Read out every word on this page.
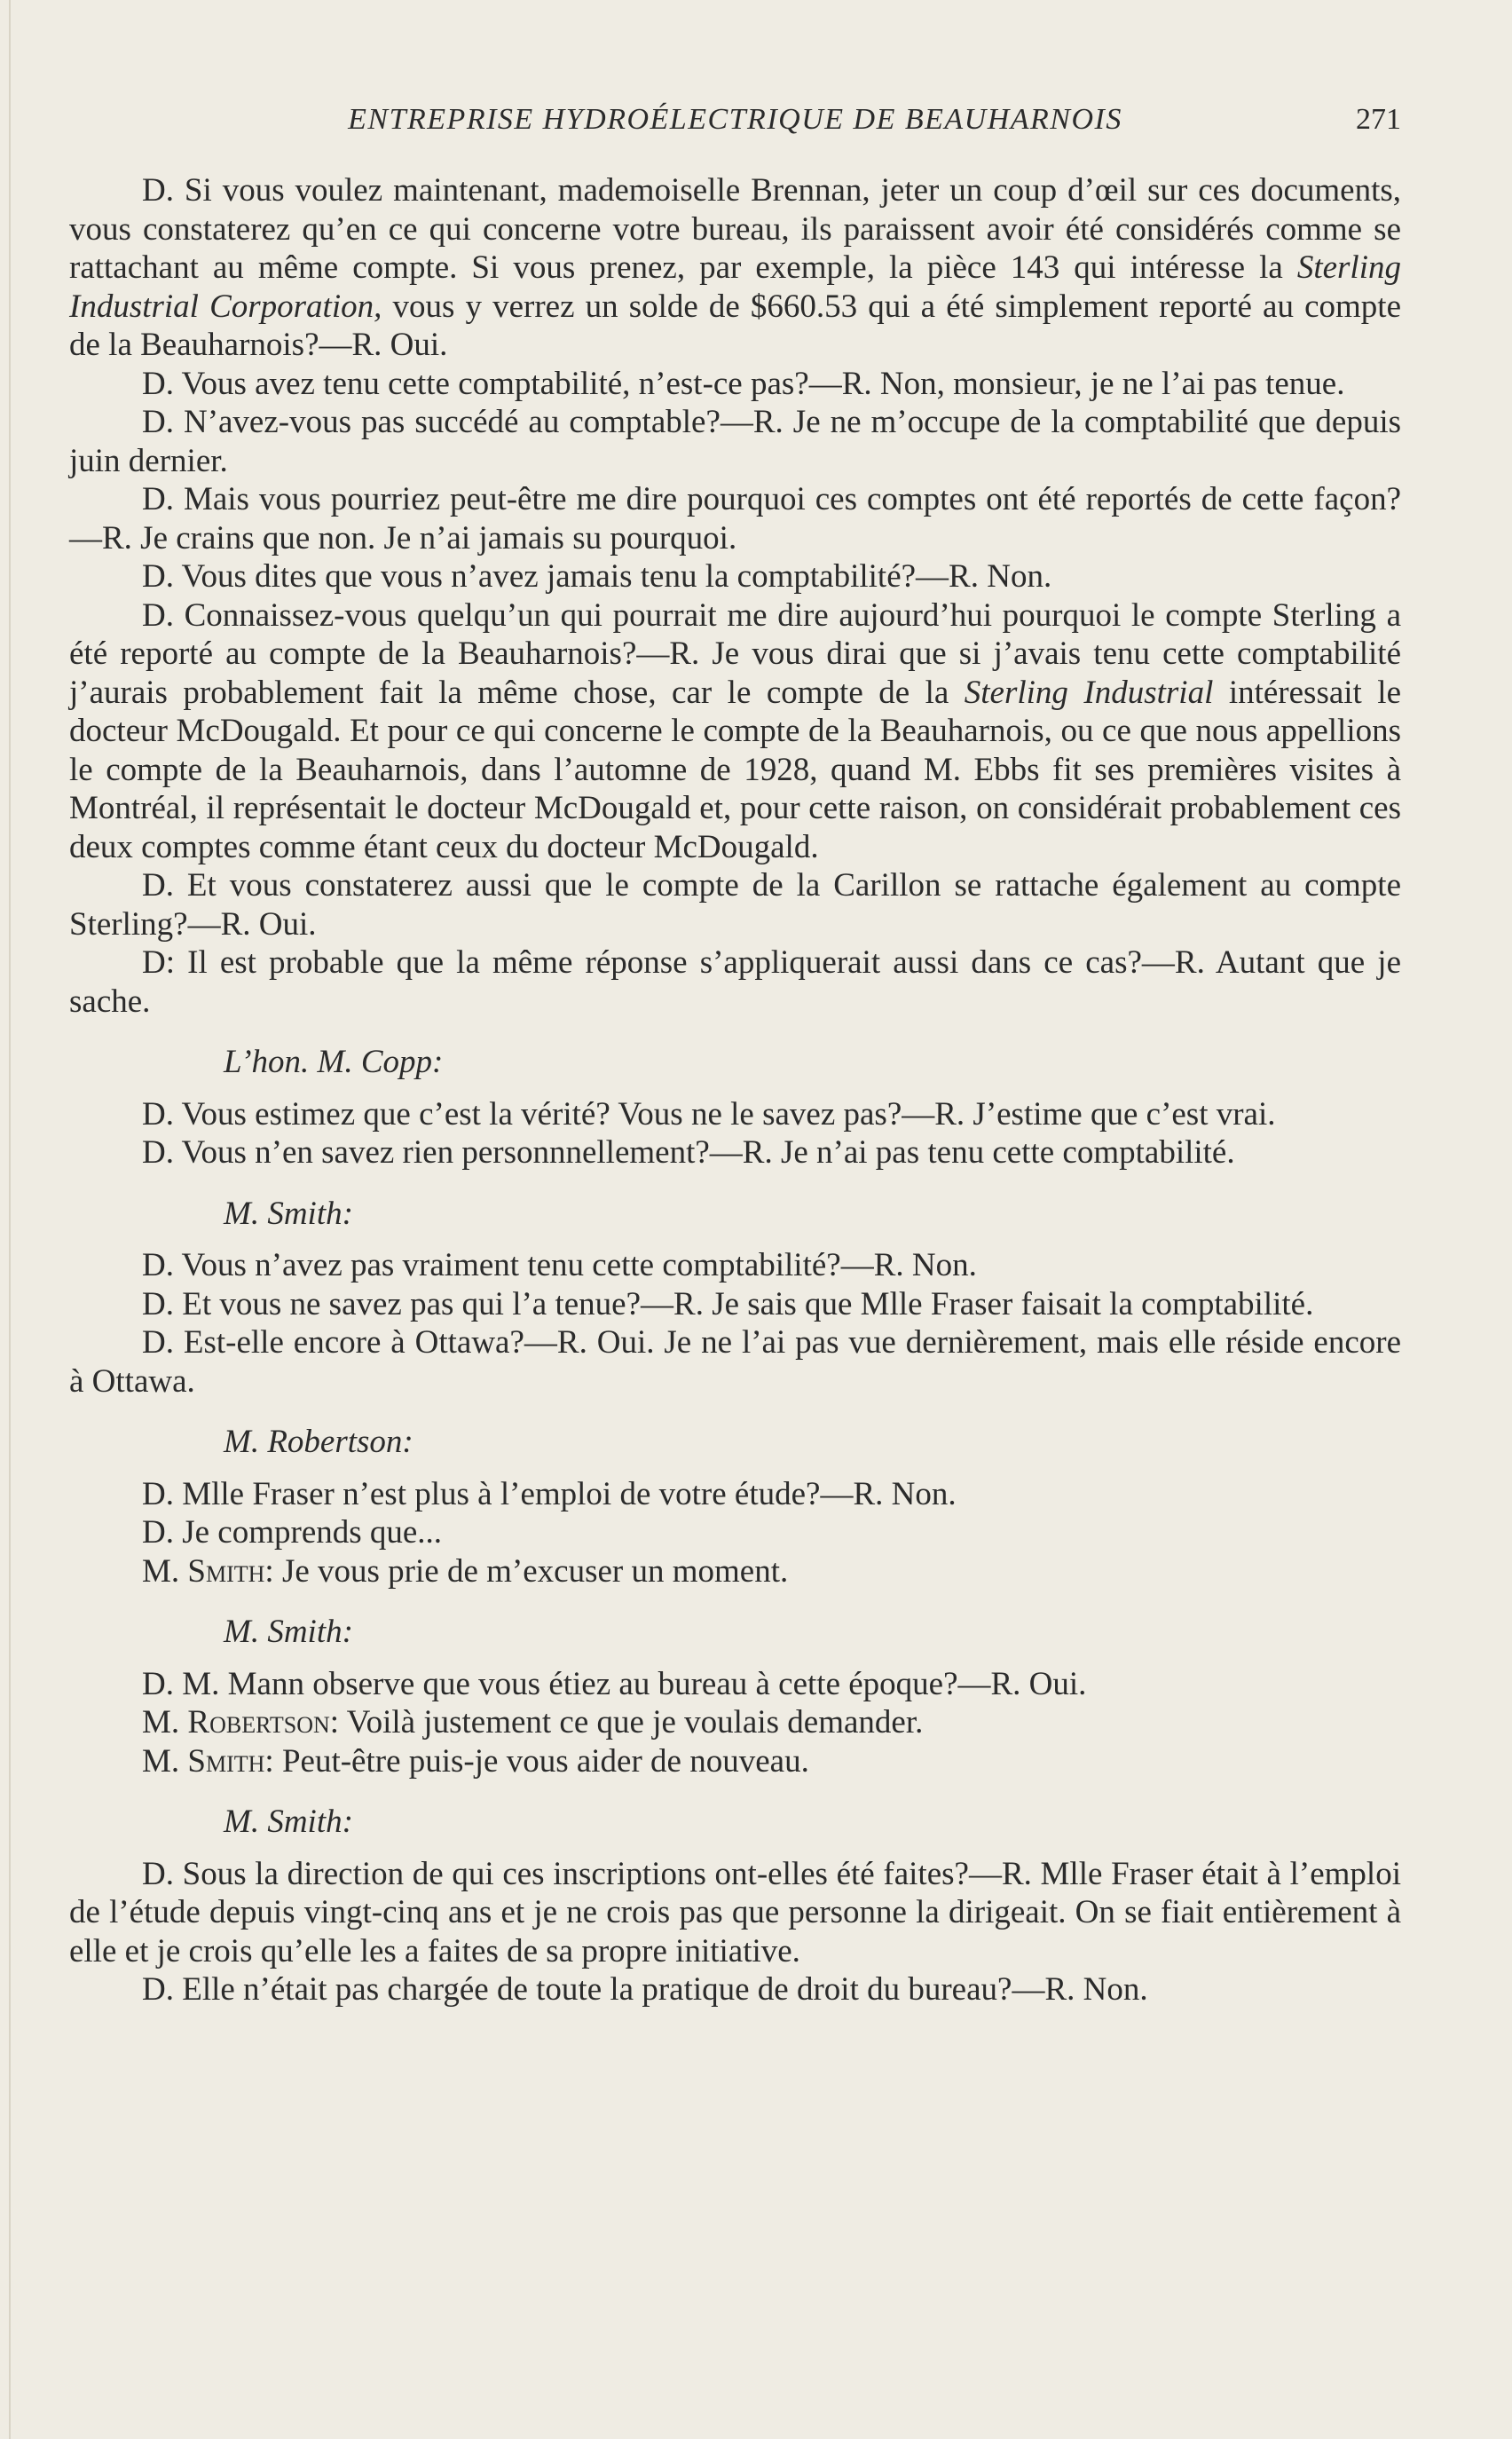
ENTREPRISE HYDROÉLECTRIQUE DE BEAUHARNOIS	271

D. Si vous voulez maintenant, mademoiselle Brennan, jeter un coup d’œil sur ces documents, vous constaterez qu’en ce qui concerne votre bureau, ils paraissent avoir été considérés comme se rattachant au même compte. Si vous prenez, par exemple, la pièce 143 qui intéresse la Sterling Industrial Corporation, vous y verrez un solde de $660.53 qui a été simplement reporté au compte de la Beauharnois?—R. Oui.

D. Vous avez tenu cette comptabilité, n’est-ce pas?—R. Non, monsieur, je ne l’ai pas tenue.

D. N’avez-vous pas succédé au comptable?—R. Je ne m’occupe de la comptabilité que depuis juin dernier.

D. Mais vous pourriez peut-être me dire pourquoi ces comptes ont été reportés de cette façon?—R. Je crains que non. Je n’ai jamais su pourquoi.

D. Vous dites que vous n’avez jamais tenu la comptabilité?—R. Non.

D. Connaissez-vous quelqu’un qui pourrait me dire aujourd’hui pourquoi le compte Sterling a été reporté au compte de la Beauharnois?—R. Je vous dirai que si j’avais tenu cette comptabilité j’aurais probablement fait la même chose, car le compte de la Sterling Industrial intéressait le docteur McDougald. Et pour ce qui concerne le compte de la Beauharnois, ou ce que nous appellions le compte de la Beauharnois, dans l’automne de 1928, quand M. Ebbs fit ses premières visites à Montréal, il représentait le docteur McDougald et, pour cette raison, on considérait probablement ces deux comptes comme étant ceux du docteur McDougald.

D. Et vous constaterez aussi que le compte de la Carillon se rattache également au compte Sterling?—R. Oui.

D: Il est probable que la même réponse s’appliquerait aussi dans ce cas?—R. Autant que je sache.

L’hon. M. Copp:

D. Vous estimez que c’est la vérité? Vous ne le savez pas?—R. J’estime que c’est vrai.

D. Vous n’en savez rien personnnellement?—R. Je n’ai pas tenu cette comptabilité.

M. Smith:

D. Vous n’avez pas vraiment tenu cette comptabilité?—R. Non.

D. Et vous ne savez pas qui l’a tenue?—R. Je sais que Mlle Fraser faisait la comptabilité.

D. Est-elle encore à Ottawa?—R. Oui. Je ne l’ai pas vue dernièrement, mais elle réside encore à Ottawa.

M. Robertson:

D. Mlle Fraser n’est plus à l’emploi de votre étude?—R. Non.

D. Je comprends que...

M. Smith: Je vous prie de m’excuser un moment.

M. Smith:

D. M. Mann observe que vous étiez au bureau à cette époque?—R. Oui.

M. Robertson: Voilà justement ce que je voulais demander.

M. Smith: Peut-être puis-je vous aider de nouveau.

M. Smith:

D. Sous la direction de qui ces inscriptions ont-elles été faites?—R. Mlle Fraser était à l’emploi de l’étude depuis vingt-cinq ans et je ne crois pas que personne la dirigeait. On se fiait entièrement à elle et je crois qu’elle les a faites de sa propre initiative.

D. Elle n’était pas chargée de toute la pratique de droit du bureau?—R. Non.
